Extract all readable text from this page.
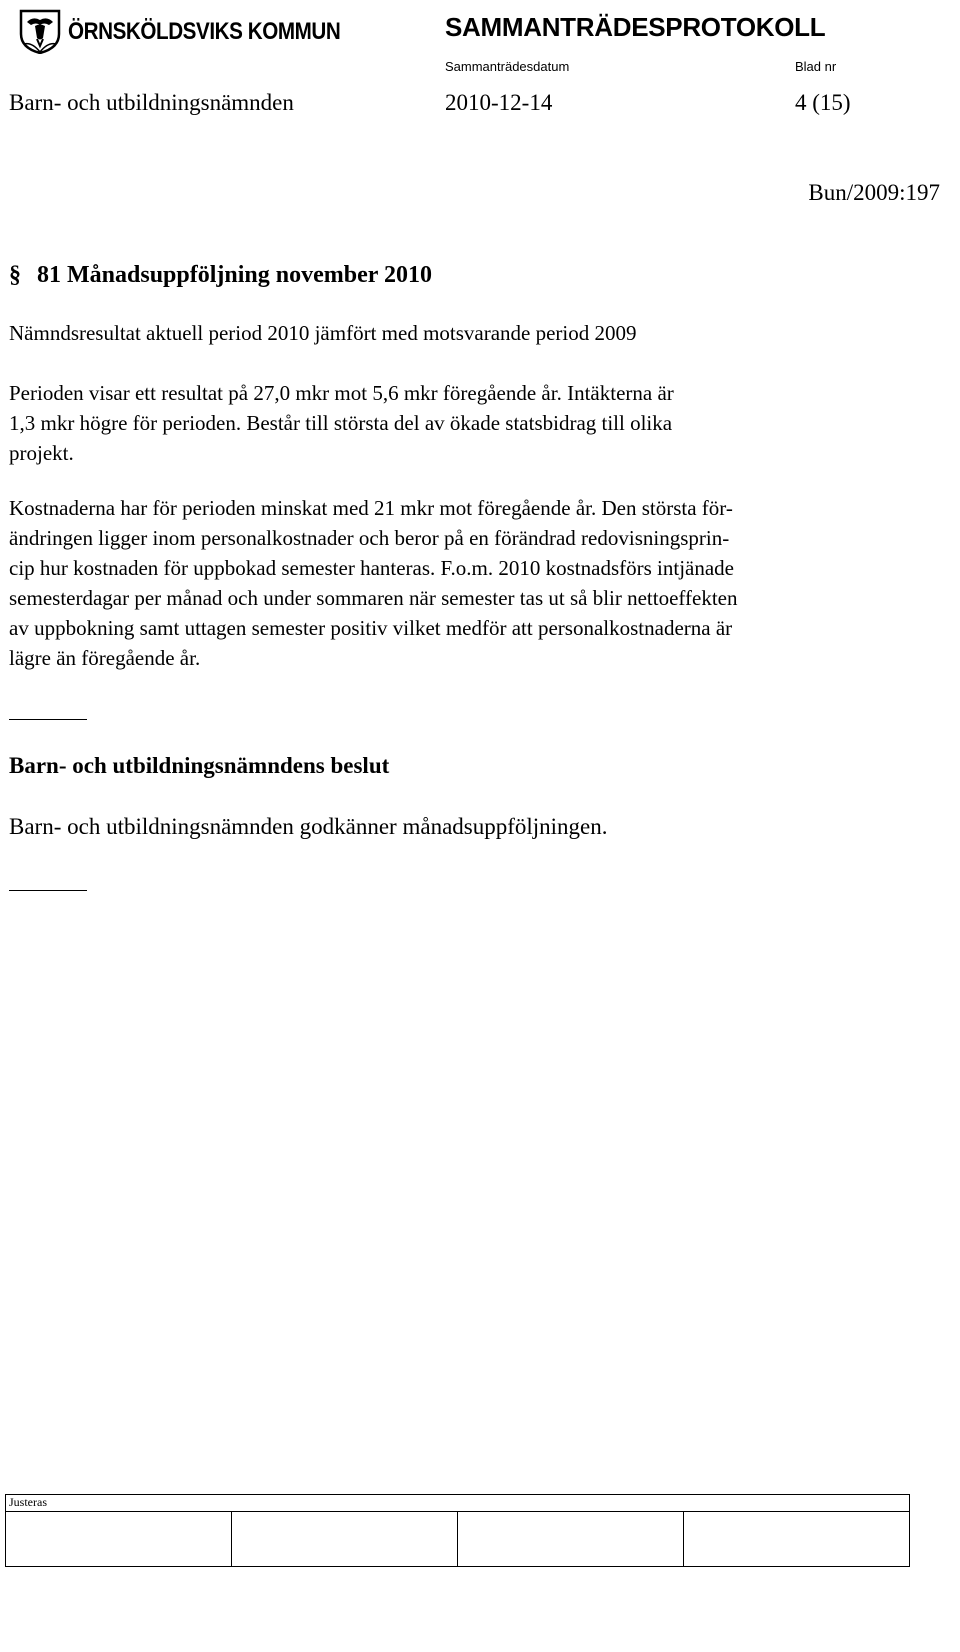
ÖRNSKÖLDSVIKS KOMMUN	SAMMANTRÄDESPROTOKOLL
Sammanträdesdatum	Blad nr
Barn- och utbildningsnämnden	2010-12-14	4 (15)
Bun/2009:197
§ 81 Månadsuppföljning november 2010
Nämndsresultat aktuell period 2010 jämfört med motsvarande period 2009
Perioden visar ett resultat på 27,0 mkr mot 5,6 mkr föregående år. Intäkterna är
1,3 mkr högre för perioden. Består till största del av ökade statsbidrag till olika
projekt.
Kostnaderna har för perioden minskat med 21 mkr mot föregående år. Den största för-
ändringen ligger inom personalkostnader och beror på en förändrad redovisningsprin-
cip hur kostnaden för uppbokad semester hanteras. F.o.m. 2010 kostnadsförs intjänade
semesterdagar per månad och under sommaren när semester tas ut så blir nettoeffekten
av uppbokning samt uttagen semester positiv vilket medför att personalkostnaderna är
lägre än föregående år.
Barn- och utbildningsnämndens beslut
Barn- och utbildningsnämnden godkänner månadsuppföljningen.
Justeras
